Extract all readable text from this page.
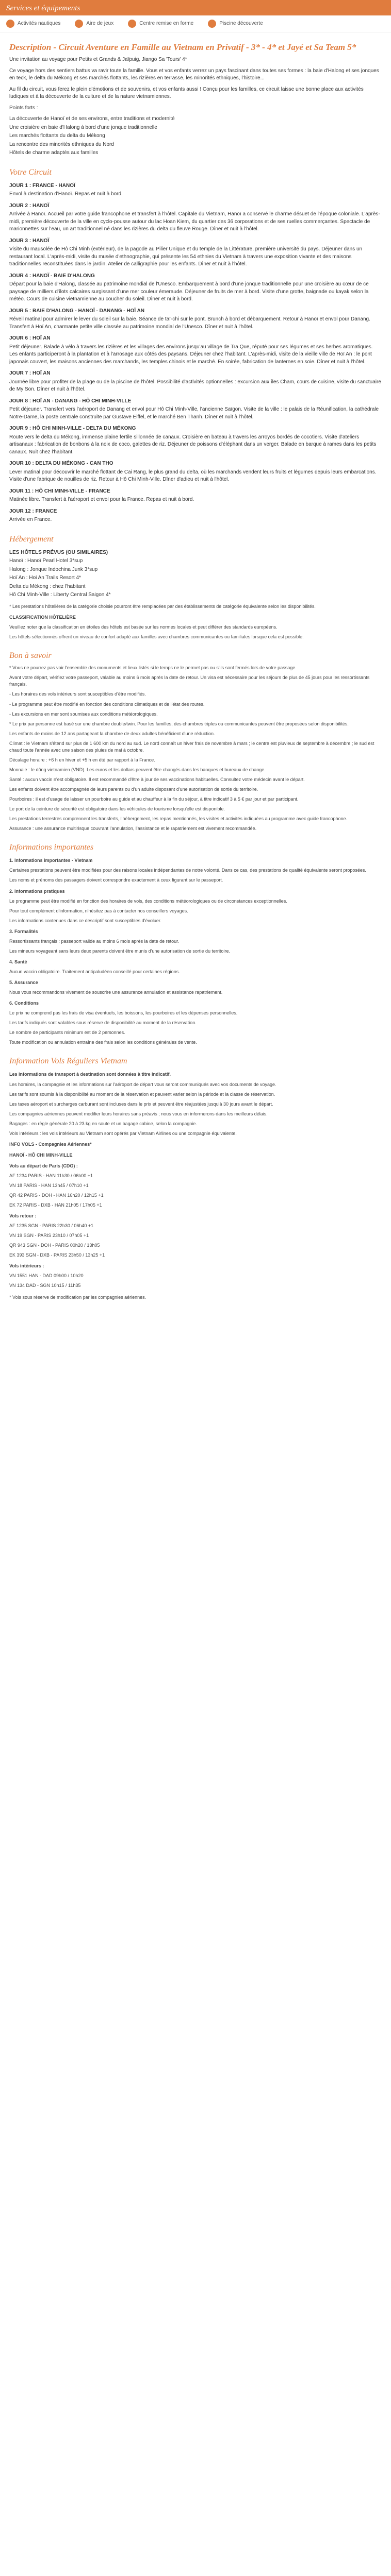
Services et équipements
Activités nautiques	Aire de jeux	Centre remise en forme	Piscine découverte
Description - Circuit Aventure en Famille au Vietnam en Privatif - 3* - 4* et Jayé et Sa Team 5*

Une invitation au voyage pour Petits et Grands & Jaïpuig, Jiango Sa 'Tours' 4*

Ce voyage hors des sentiers battus va ravir toute la famille. Vous et vos enfants verrez un pays fascinant dans toutes ses formes : la baie d'Halong et ses jonques en teck, le delta du Mékong et ses marchés flottants, les rizières en terrasse, les minorités ethniques, l'histoire...

Au fil du circuit, vous ferez le plein d'émotions et de souvenirs, et vos enfants aussi ! Conçu pour les familles, ce circuit laisse une bonne place aux activités ludiques et à la découverte de la culture et de la nature vietnamiennes.

Points forts :

La découverte de Hanoï et de ses environs, entre traditions et modernité

Une croisière en baie d'Halong à bord d'une jonque traditionnelle

Les marchés flottants du delta du Mékong

La rencontre des minorités ethniques du Nord

Hôtels de charme adaptés aux familles

Votre Circuit

JOUR 1 : FRANCE - HANOÏ

Envol à destination d'Hanoï. Repas et nuit à bord.

JOUR 2 : HANOÏ

Arrivée à Hanoï. Accueil par votre guide francophone et transfert à l'hôtel. Capitale du Vietnam, Hanoï a conservé le charme désuet de l'époque coloniale. L'après-midi, première découverte de la ville en cyclo-pousse autour du lac Hoan Kiem, du quartier des 36 corporations et de ses ruelles commerçantes. Spectacle de marionnettes sur l'eau, un art traditionnel né dans les rizières du delta du fleuve Rouge. Dîner et nuit à l'hôtel.

JOUR 3 : HANOÏ

Visite du mausolée de Hô Chi Minh (extérieur), de la pagode au Pilier Unique et du temple de la Littérature, première université du pays. Déjeuner dans un restaurant local. L'après-midi, visite du musée d'ethnographie, qui présente les 54 ethnies du Vietnam à travers une exposition vivante et des maisons traditionnelles reconstituées dans le jardin. Atelier de calligraphie pour les enfants. Dîner et nuit à l'hôtel.

JOUR 4 : HANOÏ - BAIE D'HALONG

Départ pour la baie d'Halong, classée au patrimoine mondial de l'Unesco. Embarquement à bord d'une jonque traditionnelle pour une croisière au cœur de ce paysage de milliers d'îlots calcaires surgissant d'une mer couleur émeraude. Déjeuner de fruits de mer à bord. Visite d'une grotte, baignade ou kayak selon la météo. Cours de cuisine vietnamienne au coucher du soleil. Dîner et nuit à bord.

JOUR 5 : BAIE D'HALONG - HANOÏ - DANANG - HOÏ AN

Réveil matinal pour admirer le lever du soleil sur la baie. Séance de taï-chi sur le pont. Brunch à bord et débarquement. Retour à Hanoï et envol pour Danang. Transfert à Hoï An, charmante petite ville classée au patrimoine mondial de l'Unesco. Dîner et nuit à l'hôtel.

JOUR 6 : HOÏ AN

Petit déjeuner. Balade à vélo à travers les rizières et les villages des environs jusqu'au village de Tra Que, réputé pour ses légumes et ses herbes aromatiques. Les enfants participeront à la plantation et à l'arrosage aux côtés des paysans. Déjeuner chez l'habitant. L'après-midi, visite de la vieille ville de Hoï An : le pont japonais couvert, les maisons anciennes des marchands, les temples chinois et le marché. En soirée, fabrication de lanternes en soie. Dîner et nuit à l'hôtel.

JOUR 7 : HOÏ AN

Journée libre pour profiter de la plage ou de la piscine de l'hôtel. Possibilité d'activités optionnelles : excursion aux îles Cham, cours de cuisine, visite du sanctuaire de My Son. Dîner et nuit à l'hôtel.

JOUR 8 : HOÏ AN - DANANG - HÔ CHI MINH-VILLE

Petit déjeuner. Transfert vers l'aéroport de Danang et envol pour Hô Chi Minh-Ville, l'ancienne Saïgon. Visite de la ville : le palais de la Réunification, la cathédrale Notre-Dame, la poste centrale construite par Gustave Eiffel, et le marché Ben Thanh. Dîner et nuit à l'hôtel.

JOUR 9 : HÔ CHI MINH-VILLE - DELTA DU MÉKONG

Route vers le delta du Mékong, immense plaine fertile sillonnée de canaux. Croisière en bateau à travers les arroyos bordés de cocotiers. Visite d'ateliers artisanaux : fabrication de bonbons à la noix de coco, galettes de riz. Déjeuner de poissons d'éléphant dans un verger. Balade en barque à rames dans les petits canaux. Nuit chez l'habitant.

JOUR 10 : DELTA DU MÉKONG - CAN THO

Lever matinal pour découvrir le marché flottant de Cai Rang, le plus grand du delta, où les marchands vendent leurs fruits et légumes depuis leurs embarcations. Visite d'une fabrique de nouilles de riz. Retour à Hô Chi Minh-Ville. Dîner d'adieu et nuit à l'hôtel.

JOUR 11 : HÔ CHI MINH-VILLE - FRANCE

Matinée libre. Transfert à l'aéroport et envol pour la France. Repas et nuit à bord.

JOUR 12 : FRANCE

Arrivée en France.

Hébergement

LES HÔTELS PRÉVUS (OU SIMILAIRES)

Hanoï : Hanoï Pearl Hotel 3*sup

Halong : Jonque Indochina Junk 3*sup

Hoï An : Hoi An Trails Resort 4*

Delta du Mékong : chez l'habitant

Hô Chi Minh-Ville : Liberty Central Saigon 4*

* Les prestations hôtelières de la catégorie choisie pourront être remplacées par des établissements de catégorie équivalente selon les disponibilités.

CLASSIFICATION HÔTELIÈRE

Veuillez noter que la classification en étoiles des hôtels est basée sur les normes locales et peut différer des standards européens.

Les hôtels sélectionnés offrent un niveau de confort adapté aux familles avec chambres communicantes ou familiales lorsque cela est possible.

Bon à savoir

* Vous ne pourrez pas voir l'ensemble des monuments et lieux listés si le temps ne le permet pas ou s'ils sont fermés lors de votre passage.

Avant votre départ, vérifiez votre passeport, valable au moins 6 mois après la date de retour. Un visa est nécessaire pour les séjours de plus de 45 jours pour les ressortissants français.

- Les horaires des vols intérieurs sont susceptibles d'être modifiés.

- Le programme peut être modifié en fonction des conditions climatiques et de l'état des routes.

- Les excursions en mer sont soumises aux conditions météorologiques.

* Le prix par personne est basé sur une chambre double/twin. Pour les familles, des chambres triples ou communicantes peuvent être proposées selon disponibilités.

Les enfants de moins de 12 ans partageant la chambre de deux adultes bénéficient d'une réduction.

Climat : le Vietnam s'étend sur plus de 1 600 km du nord au sud. Le nord connaît un hiver frais de novembre à mars ; le centre est pluvieux de septembre à décembre ; le sud est chaud toute l'année avec une saison des pluies de mai à octobre.

Décalage horaire : +6 h en hiver et +5 h en été par rapport à la France.

Monnaie : le dông vietnamien (VND). Les euros et les dollars peuvent être changés dans les banques et bureaux de change.

Santé : aucun vaccin n'est obligatoire. Il est recommandé d'être à jour de ses vaccinations habituelles. Consultez votre médecin avant le départ.

Les enfants doivent être accompagnés de leurs parents ou d'un adulte disposant d'une autorisation de sortie du territoire.

Pourboires : il est d'usage de laisser un pourboire au guide et au chauffeur à la fin du séjour, à titre indicatif 3 à 5 € par jour et par participant.

Le port de la ceinture de sécurité est obligatoire dans les véhicules de tourisme lorsqu'elle est disponible.

Les prestations terrestres comprennent les transferts, l'hébergement, les repas mentionnés, les visites et activités indiquées au programme avec guide francophone.

Assurance : une assurance multirisque couvrant l'annulation, l'assistance et le rapatriement est vivement recommandée.

Informations importantes

1. Informations importantes - Vietnam

Certaines prestations peuvent être modifiées pour des raisons locales indépendantes de notre volonté. Dans ce cas, des prestations de qualité équivalente seront proposées.

Les noms et prénoms des passagers doivent correspondre exactement à ceux figurant sur le passeport.

2. Informations pratiques

Le programme peut être modifié en fonction des horaires de vols, des conditions météorologiques ou de circonstances exceptionnelles.

Pour tout complément d'information, n'hésitez pas à contacter nos conseillers voyages.

Les informations contenues dans ce descriptif sont susceptibles d'évoluer.

3. Formalités

Ressortissants français : passeport valide au moins 6 mois après la date de retour.

Les mineurs voyageant sans leurs deux parents doivent être munis d'une autorisation de sortie du territoire.

4. Santé

Aucun vaccin obligatoire. Traitement antipaludéen conseillé pour certaines régions.

5. Assurance

Nous vous recommandons vivement de souscrire une assurance annulation et assistance rapatriement.

6. Conditions

Le prix ne comprend pas les frais de visa éventuels, les boissons, les pourboires et les dépenses personnelles.

Les tarifs indiqués sont valables sous réserve de disponibilité au moment de la réservation.

Le nombre de participants minimum est de 2 personnes.

Toute modification ou annulation entraîne des frais selon les conditions générales de vente.

Information Vols Réguliers Vietnam

Les informations de transport à destination sont données à titre indicatif.

Les horaires, la compagnie et les informations sur l'aéroport de départ vous seront communiqués avec vos documents de voyage.

Les tarifs sont soumis à la disponibilité au moment de la réservation et peuvent varier selon la période et la classe de réservation.

Les taxes aéroport et surcharges carburant sont incluses dans le prix et peuvent être réajustées jusqu'à 30 jours avant le départ.

Les compagnies aériennes peuvent modifier leurs horaires sans préavis ; nous vous en informerons dans les meilleurs délais.

Bagages : en règle générale 20 à 23 kg en soute et un bagage cabine, selon la compagnie.

Vols intérieurs : les vols intérieurs au Vietnam sont opérés par Vietnam Airlines ou une compagnie équivalente.

INFO VOLS - Compagnies Aériennes*

HANOÏ - HÔ CHI MINH-VILLE

Vols au départ de Paris (CDG) :

AF 1234 PARIS - HAN 11h30 / 06h00 +1

VN 18 PARIS - HAN 13h45 / 07h10 +1

QR 42 PARIS - DOH - HAN 16h20 / 12h15 +1

EK 72 PARIS - DXB - HAN 21h05 / 17h05 +1

Vols retour :

AF 1235 SGN - PARIS 22h30 / 06h40 +1

VN 19 SGN - PARIS 23h10 / 07h05 +1

QR 943 SGN - DOH - PARIS 00h20 / 13h05

EK 393 SGN - DXB - PARIS 23h50 / 13h25 +1

Vols intérieurs :

VN 1551 HAN - DAD 09h00 / 10h20

VN 134 DAD - SGN 10h15 / 11h35

* Vols sous réserve de modification par les compagnies aériennes.
